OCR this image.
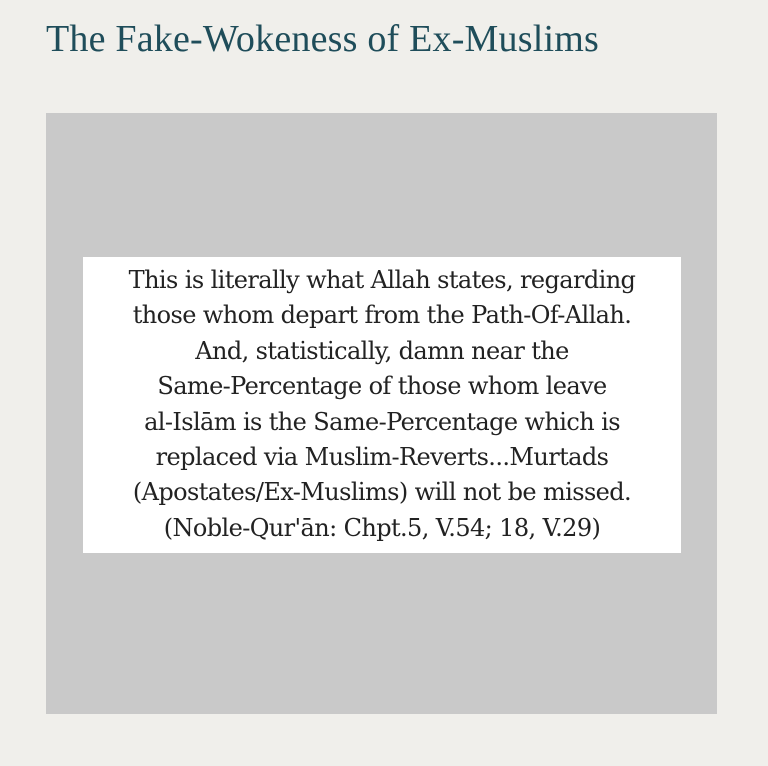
The Fake-Wokeness of Ex-Muslims
This is literally what Allah states, regarding
those whom depart from the Path-Of-Allah.
And, statistically, damn near the
Same-Percentage of those whom leave
al-Islām is the Same-Percentage which is
replaced via Muslim-Reverts...Murtads
(Apostates/Ex-Muslims) will not be missed.
(Noble-Qur'ān: Chpt.5, V.54; 18, V.29)
